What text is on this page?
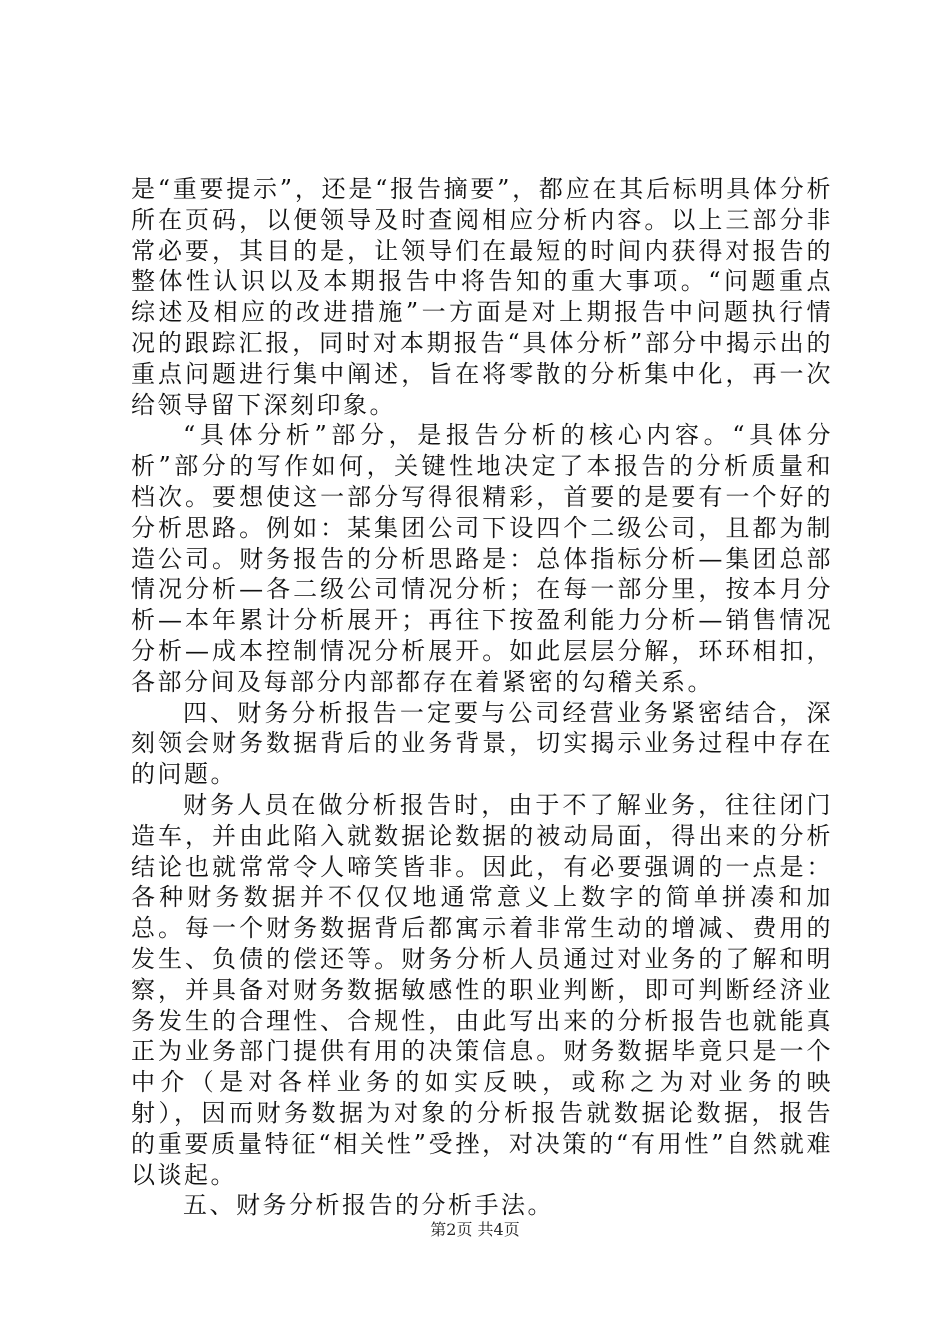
是“重要提示”，还是“报告摘要”，都应在其后标明具体分析所在页码，以便领导及时查阅相应分析内容。以上三部分非常必要，其目的是，让领导们在最短的时间内获得对报告的整体性认识以及本期报告中将告知的重大事项。“问题重点综述及相应的改进措施”一方面是对上期报告中问题执行情况的跟踪汇报，同时对本期报告“具体分析”部分中揭示出的重点问题进行集中阐述，旨在将零散的分析集中化，再一次给领导留下深刻印象。

“具体分析”部分，是报告分析的核心内容。“具体分析”部分的写作如何，关键性地决定了本报告的分析质量和档次。要想使这一部分写得很精彩，首要的是要有一个好的分析思路。例如：某集团公司下设四个二级公司，且都为制造公司。财务报告的分析思路是：总体指标分析—集团总部情况分析—各二级公司情况分析；在每一部分里，按本月分析—本年累计分析展开；再往下按盈利能力分析—销售情况分析—成本控制情况分析展开。如此层层分解，环环相扣，各部分间及每部分内部都存在着紧密的勾稽关系。

四、财务分析报告一定要与公司经营业务紧密结合，深刻领会财务数据背后的业务背景，切实揭示业务过程中存在的问题。

财务人员在做分析报告时，由于不了解业务，往往闭门造车，并由此陷入就数据论数据的被动局面，得出来的分析结论也就常常令人啼笑皆非。因此，有必要强调的一点是：各种财务数据并不仅仅地通常意义上数字的简单拼凑和加总。每一个财务数据背后都寓示着非常生动的增减、费用的发生、负债的偿还等。财务分析人员通过对业务的了解和明察，并具备对财务数据敏感性的职业判断，即可判断经济业务发生的合理性、合规性，由此写出来的分析报告也就能真正为业务部门提供有用的决策信息。财务数据毕竟只是一个中介（是对各样业务的如实反映，或称之为对业务的映射），因而财务数据为对象的分析报告就数据论数据，报告的重要质量特征“相关性”受挫，对决策的“有用性”自然就难以谈起。

五、财务分析报告的分析手法。

第2页 共4页
